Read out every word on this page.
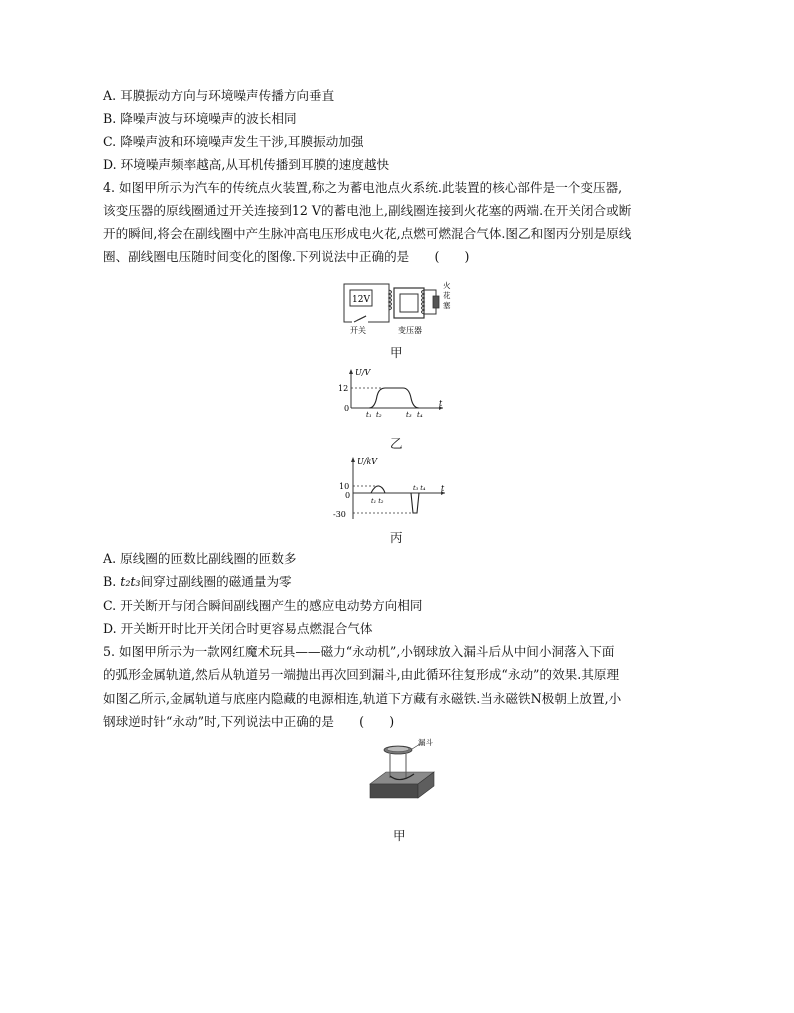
A. 耳膜振动方向与环境噪声传播方向垂直
B. 降噪声波与环境噪声的波长相同
C. 降噪声波和环境噪声发生干涉,耳膜振动加强
D. 环境噪声频率越高,从耳机传播到耳膜的速度越快
4. 如图甲所示为汽车的传统点火装置,称之为蓄电池点火系统.此装置的核心部件是一个变压器,
该变压器的原线圈通过开关连接到12 V的蓄电池上,副线圈连接到火花塞的两端.在开关闭合或断
开的瞬间,将会在副线圈中产生脉冲高电压形成电火花,点燃可燃混合气体.图乙和图丙分别是原线
圈、副线圈电压随时间变化的图像.下列说法中正确的是　　(　　)
12V
火
花
塞
开关	变压器
甲
U/V
12
0
t
t₁ t₂	t₃ t₄
乙
U/kV
10
0
-30
t
t₁ t₂
t₃ t₄
丙
A. 原线圈的匝数比副线圈的匝数多
B. t₂t₃间穿过副线圈的磁通量为零
C. 开关断开与闭合瞬间副线圈产生的感应电动势方向相同
D. 开关断开时比开关闭合时更容易点燃混合气体
5. 如图甲所示为一款网红魔术玩具——磁力“永动机”,小钢球放入漏斗后从中间小洞落入下面
的弧形金属轨道,然后从轨道另一端抛出再次回到漏斗,由此循环往复形成“永动”的效果.其原理
如图乙所示,金属轨道与底座内隐藏的电源相连,轨道下方藏有永磁铁.当永磁铁N极朝上放置,小
钢球逆时针“永动”时,下列说法中正确的是　　(　　)
漏斗
甲
